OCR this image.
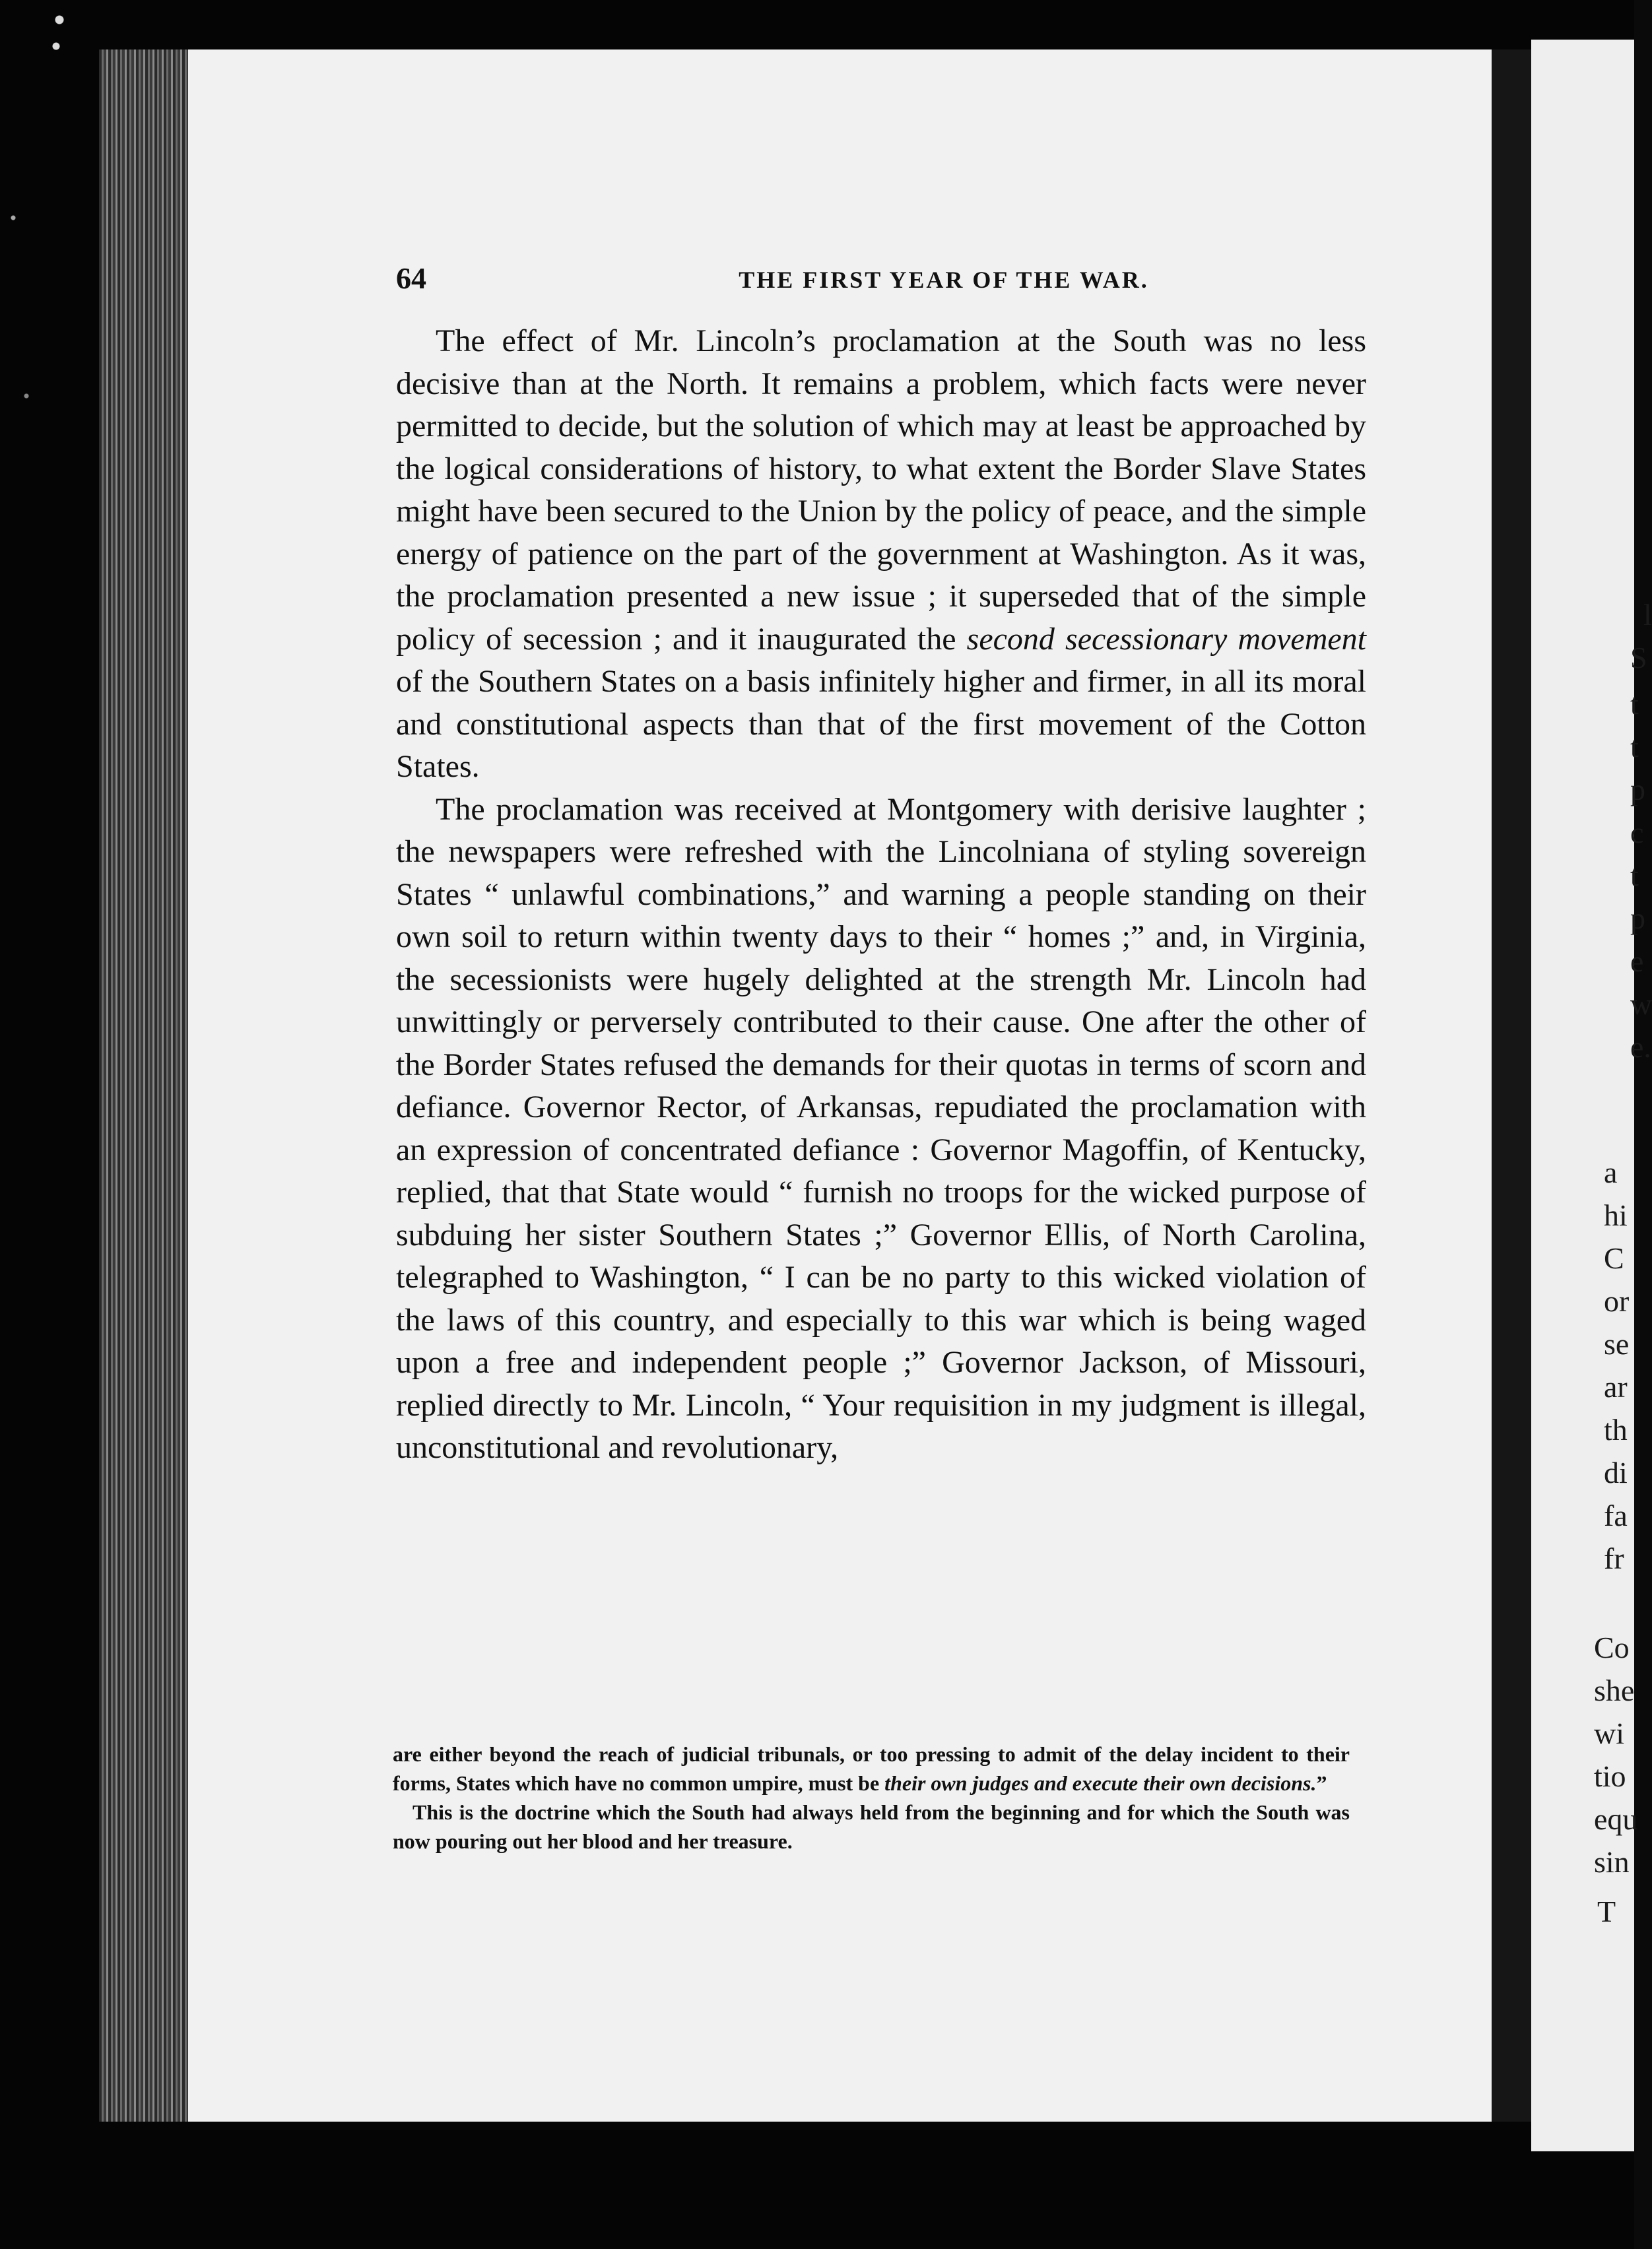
64	THE FIRST YEAR OF THE WAR.

The effect of Mr. Lincoln’s proclamation at the South was no less decisive than at the North. It remains a problem, which facts were never permitted to decide, but the solution of which may at least be approached by the logical considerations of history, to what extent the Border Slave States might have been secured to the Union by the policy of peace, and the simple energy of patience on the part of the government at Washington. As it was, the proclamation presented a new issue ; it superseded that of the simple policy of secession ; and it inaugurated the second secessionary movement of the Southern States on a basis infinitely higher and firmer, in all its moral and constitutional aspects than that of the first movement of the Cotton States.

The proclamation was received at Montgomery with derisive laughter ; the newspapers were refreshed with the Lincolniana of styling sovereign States “ unlawful combinations,” and warning a people standing on their own soil to return within twenty days to their “ homes ;” and, in Virginia, the secessionists were hugely delighted at the strength Mr. Lincoln had unwittingly or perversely contributed to their cause. One after the other of the Border States refused the demands for their quotas in terms of scorn and defiance. Governor Rector, of Arkansas, repudiated the proclamation with an expression of concentrated defiance : Governor Magoffin, of Kentucky, replied, that that State would “ furnish no troops for the wicked purpose of subduing her sister Southern States ;” Governor Ellis, of North Carolina, telegraphed to Washington, “ I can be no party to this wicked violation of the laws of this country, and especially to this war which is being waged upon a free and independent people ;” Governor Jackson, of Missouri, replied directly to Mr. Lincoln, “ Your requisition in my judgment is illegal, unconstitutional and revolutionary,

are either beyond the reach of judicial tribunals, or too pressing to admit of the delay incident to their forms, States which have no common umpire, must be their own judges and execute their own decisions.”

This is the doctrine which the South had always held from the beginning and for which the South was now pouring out her blood and her treasure.

l
S
t
t
p
c
t
p
e
w
e.
a
hi
C
or
se
ar
th
di
fa
fr
Co
she
wi
tio
equ
sin
T
